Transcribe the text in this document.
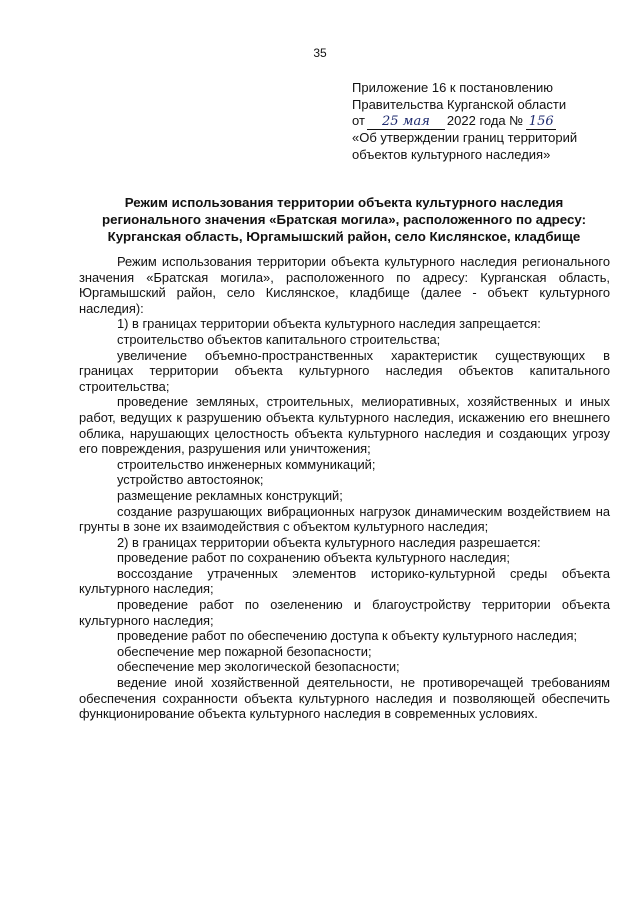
35
Приложение 16 к постановлению
Правительства Курганской области
от 25 мая 2022 года № 156
«Об утверждении границ территорий
объектов культурного наследия»
Режим использования территории объекта культурного наследия регионального значения «Братская могила», расположенного по адресу: Курганская область, Юргамышский район, село Кислянское, кладбище

Режим использования территории объекта культурного наследия регионального значения «Братская могила», расположенного по адресу: Курганская область, Юргамышский район, село Кислянское, кладбище (далее - объект культурного наследия):

1) в границах территории объекта культурного наследия запрещается:

строительство объектов капитального строительства;

увеличение объемно-пространственных характеристик существующих в границах территории объекта культурного наследия объектов капитального строительства;

проведение земляных, строительных, мелиоративных, хозяйственных и иных работ, ведущих к разрушению объекта культурного наследия, искажению его внешнего облика, нарушающих целостность объекта культурного наследия и создающих угрозу его повреждения, разрушения или уничтожения;

строительство инженерных коммуникаций;

устройство автостоянок;

размещение рекламных конструкций;

создание разрушающих вибрационных нагрузок динамическим воздействием на грунты в зоне их взаимодействия с объектом культурного наследия;

2) в границах территории объекта культурного наследия разрешается:

проведение работ по сохранению объекта культурного наследия;

воссоздание утраченных элементов историко-культурной среды объекта культурного наследия;

проведение работ по озеленению и благоустройству территории объекта культурного наследия;

проведение работ по обеспечению доступа к объекту культурного наследия;

обеспечение мер пожарной безопасности;

обеспечение мер экологической безопасности;

ведение иной хозяйственной деятельности, не противоречащей требованиям обеспечения сохранности объекта культурного наследия и позволяющей обеспечить функционирование объекта культурного наследия в современных условиях.
